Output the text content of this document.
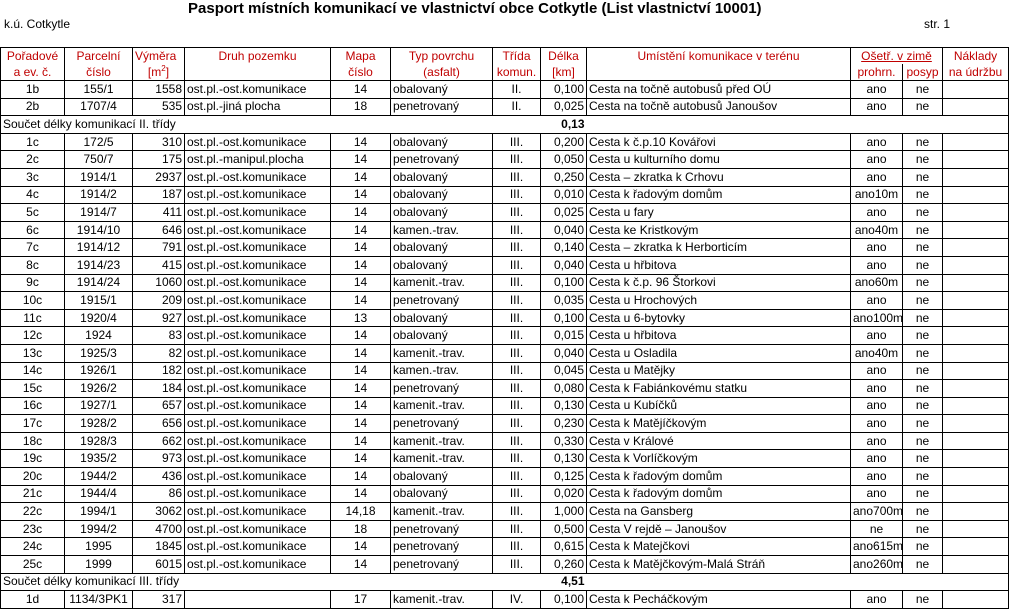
Pasport místních komunikací ve vlastnictví obce Cotkytle (List vlastnictví 10001)
k.ú. Cotkytle	str. 1
Pořadové	Parcelní	Výměra	Druh pozemku	Mapa	Typ povrchu	Třída	Délka	Umístění komunikace v terénu	Ošetř. v zimě		Náklady
a ev. č.	číslo	$[m^2]$		číslo	(asfalt)	komun.	[km]		prohrn.	posyp	na údržbu
1b	155/1	1558	ost.pl.-ost.komunikace	14	obalovaný	II.	0,100	Cesta na točně autobusů před OÚ	ano	ne	
2b	1707/4	535	ost.pl.-jiná plocha	18	penetrovaný	II.	0,025	Cesta na točně autobusů Janoušov	ano	ne	
Součet délky komunikací II. třídy						0,13					
1c	172/5	310	ost.pl.-ost.komunikace	14	obalovaný	III.	0,200	Cesta k č.p.10 Kovářovi	ano	ne	
2c	750/7	175	ost.pl.-manipul.plocha	14	penetrovaný	III.	0,050	Cesta u kulturního domu	ano	ne	
3c	1914/1	2937	ost.pl.-ost.komunikace	14	obalovaný	III.	0,250	Cesta – zkratka k Crhovu	ano	ne	
4c	1914/2	187	ost.pl.-ost.komunikace	14	obalovaný	III.	0,010	Cesta k řadovým domům	ano10m	ne	
5c	1914/7	411	ost.pl.-ost.komunikace	14	obalovaný	III.	0,025	Cesta u fary	ano	ne	
6c	1914/10	646	ost.pl.-ost.komunikace	14	kamen.-trav.	III.	0,040	Cesta ke Kristkovým	ano40m	ne	
7c	1914/12	791	ost.pl.-ost.komunikace	14	obalovaný	III.	0,140	Cesta – zkratka k Herborticím	ano	ne	
8c	1914/23	415	ost.pl.-ost.komunikace	14	obalovaný	III.	0,040	Cesta u hřbitova	ano	ne	
9c	1914/24	1060	ost.pl.-ost.komunikace	14	kamenit.-trav.	III.	0,100	Cesta k č.p. 96 Štorkovi	ano60m	ne	
10c	1915/1	209	ost.pl.-ost.komunikace	14	penetrovaný	III.	0,035	Cesta u Hrochových	ano	ne	
11c	1920/4	927	ost.pl.-ost.komunikace	13	obalovaný	III.	0,100	Cesta u 6-bytovky	ano100m	ne	
12c	1924	83	ost.pl.-ost.komunikace	14	obalovaný	III.	0,015	Cesta u hřbitova	ano	ne	
13c	1925/3	82	ost.pl.-ost.komunikace	14	kamenit.-trav.	III.	0,040	Cesta u Osladila	ano40m	ne	
14c	1926/1	182	ost.pl.-ost.komunikace	14	kamen.-trav.	III.	0,045	Cesta u Matějky	ano	ne	
15c	1926/2	184	ost.pl.-ost.komunikace	14	penetrovaný	III.	0,080	Cesta k Fabiánkovému statku	ano	ne	
16c	1927/1	657	ost.pl.-ost.komunikace	14	kamenit.-trav.	III.	0,130	Cesta u Kubíčků	ano	ne	
17c	1928/2	656	ost.pl.-ost.komunikace	14	penetrovaný	III.	0,230	Cesta k Matějíčkovým	ano	ne	
18c	1928/3	662	ost.pl.-ost.komunikace	14	kamenit.-trav.	III.	0,330	Cesta v Králové	ano	ne	
19c	1935/2	973	ost.pl.-ost.komunikace	14	kamenit.-trav.	III.	0,130	Cesta k Vorlíčkovým	ano	ne	
20c	1944/2	436	ost.pl.-ost.komunikace	14	obalovaný	III.	0,125	Cesta k řadovým domům	ano	ne	
21c	1944/4	86	ost.pl.-ost.komunikace	14	obalovaný	III.	0,020	Cesta k řadovým domům	ano	ne	
22c	1994/1	3062	ost.pl.-ost.komunikace	14,18	kamenit.-trav.	III.	1,000	Cesta na Gansberg	ano700m	ne	
23c	1994/2	4700	ost.pl.-ost.komunikace	18	penetrovaný	III.	0,500	Cesta V rejdě – Janoušov	ne	ne	
24c	1995	1845	ost.pl.-ost.komunikace	14	penetrovaný	III.	0,615	Cesta k Matejčkovi	ano615m	ne	
25c	1999	6015	ost.pl.-ost.komunikace	14	penetrovaný	III.	0,260	Cesta k Matějčkovým-Malá Stráň	ano260m	ne	
Součet délky komunikací III. třídy						4,51					
1d	1134/3PK1	317		17	kamenit.-trav.	IV.	0,100	Cesta k Pecháčkovým	ano	ne	
